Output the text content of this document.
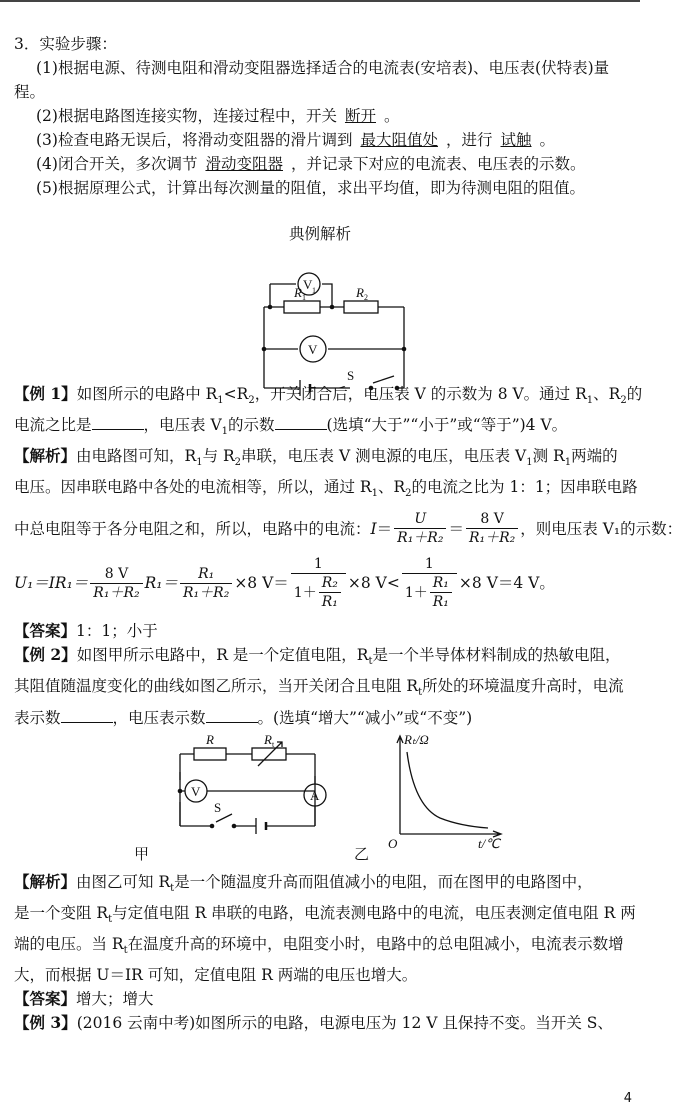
3．实验步骤：
(1)根据电源、待测电阻和滑动变阻器选择适合的电流表(安培表)、电压表(伏特表)量
程。
(2)根据电路图连接实物，连接过程中，开关 断开 。
(3)检查电路无误后，将滑动变阻器的滑片调到 最大阻值处 ，进行 试触 。
(4)闭合开关，多次调节 滑动变阻器 ，并记录下对应的电流表、电压表的示数。
(5)根据原理公式，计算出每次测量的阻值，求出平均值，即为待测电阻的阻值。
典例解析
V 1
R 1	R 2
V
S
【例 1】如图所示的电路中 $R_1<R_2$，开关闭合后，电压表 V 的示数为 8 V。通过 $R_1$、$R_2$的
电流之比是	，电压表 $V_1$的示数	(选填“大于”“小于”或“等于”)4 V。
【解析】由电路图可知，$R_1$与 $R_2$串联，电压表 V 测电源的电压，电压表 $V_1$测 $R_1$两端的
电压。因串联电路中各处的电流相等，所以，通过 $R_1$、$R_2$的电流之比为 1：1；因串联电路
中总电阻等于各分电阻之和，所以，电路中的电流： $I = \frac{U}{\text{R₁＋R₂}} = \frac{8 V}{\text{R₁＋R₂}}$ ，则电压表 V₁的示数：
$U_1=IR_1= \frac{8 V}{\text{R₁＋R₂}} R_1= \frac{\text{R₁}}{\text{R₁＋R₂}} \times 8$ $V= \frac{1}{1+ \frac{\text{R₂}}{\text{R₁}}} \times 8$ $V< \frac{1}{1+ \frac{\text{R₁}}{\text{R₁}}} \times 8$ V＝4 V。
【答案】1：1；小于
【例 2】如图甲所示电路中，R 是一个定值电阻，$R_t$是一个半导体材料制成的热敏电阻，
其阻值随温度变化的曲线如图乙所示，当开关闭合且电阻 $R_t$所处的环境温度升高时，电流
表示数	，电压表示数	。(选填“增大”“减小”或“不变”)
R	R t
V	A
S
Rₜ/Ω
O	t/℃
甲	乙
【解析】由图乙可知 $R_t$是一个随温度升高而阻值减小的电阻，而在图甲的电路图中，
是一个变阻 $R_t$与定值电阻 R 串联的电路，电流表测电路中的电流，电压表测定值电阻 R 两
端的电压。当 $R_t$在温度升高的环境中，电阻变小时，电路中的总电阻减小，电流表示数增
大，而根据 U＝IR 可知，定值电阻 R 两端的电压也增大。
【答案】增大；增大
【例 3】(2016 云南中考)如图所示的电路，电源电压为 12 V 且保持不变。当开关 S、
4
